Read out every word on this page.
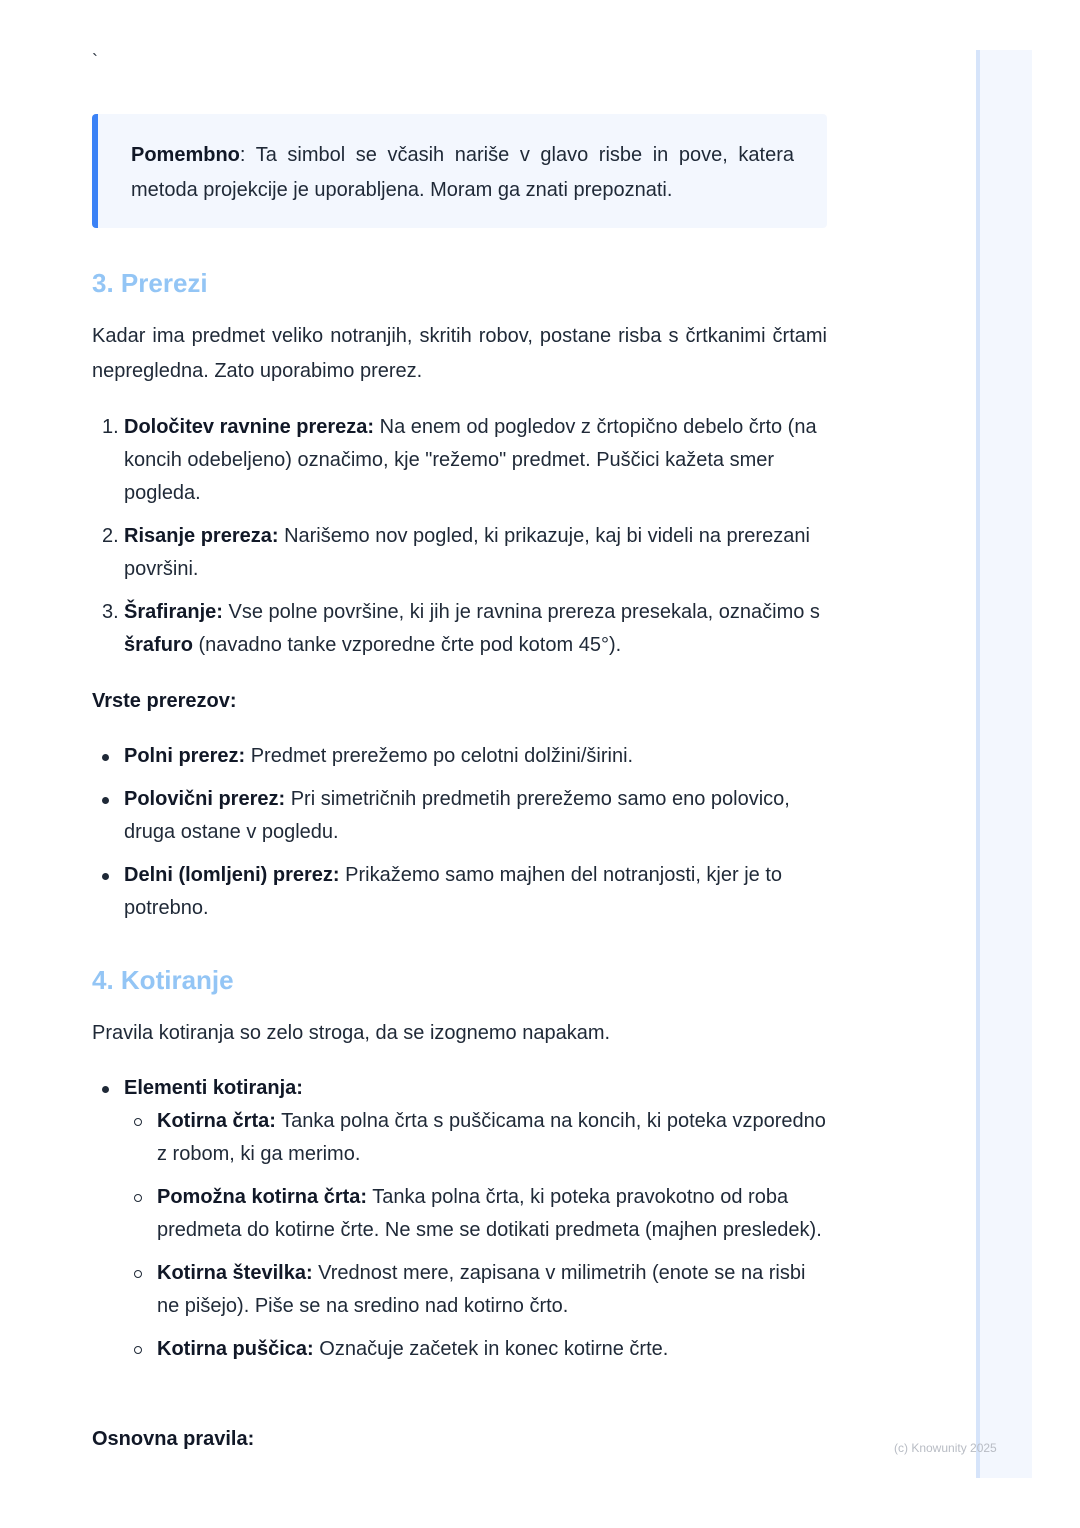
`
Pomembno: Ta simbol se včasih nariše v glavo risbe in pove, katera metoda projekcije je uporabljena. Moram ga znati prepoznati.
3. Prerezi

Kadar ima predmet veliko notranjih, skritih robov, postane risba s črtkanimi črtami nepregledna. Zato uporabimo prerez.

1. Določitev ravnine prereza: Na enem od pogledov z črtopično debelo črto (na koncih odebeljeno) označimo, kje "režemo" predmet. Puščici kažeta smer pogleda.
2. Risanje prereza: Narišemo nov pogled, ki prikazuje, kaj bi videli na prerezani površini.
3. Šrafiranje: Vse polne površine, ki jih je ravnina prereza presekala, označimo s šrafuro (navadno tanke vzporedne črte pod kotom 45°).
Vrste prerezov:
Polni prerez: Predmet prerežemo po celotni dolžini/širini.
Polovični prerez: Pri simetričnih predmetih prerežemo samo eno polovico, druga ostane v pogledu.
Delni (lomljeni) prerez: Prikažemo samo majhen del notranjosti, kjer je to potrebno.
4. Kotiranje

Pravila kotiranja so zelo stroga, da se izognemo napakam.

Elementi kotiranja:
Kotirna črta: Tanka polna črta s puščicama na koncih, ki poteka vzporedno z robom, ki ga merimo.
Pomožna kotirna črta: Tanka polna črta, ki poteka pravokotno od roba predmeta do kotirne črte. Ne sme se dotikati predmeta (majhen presledek).
Kotirna številka: Vrednost mere, zapisana v milimetrih (enote se na risbi ne pišejo). Piše se na sredino nad kotirno črto.
Kotirna puščica: Označuje začetek in konec kotirne črte.
Osnovna pravila:	(c) Knowunity 2025
